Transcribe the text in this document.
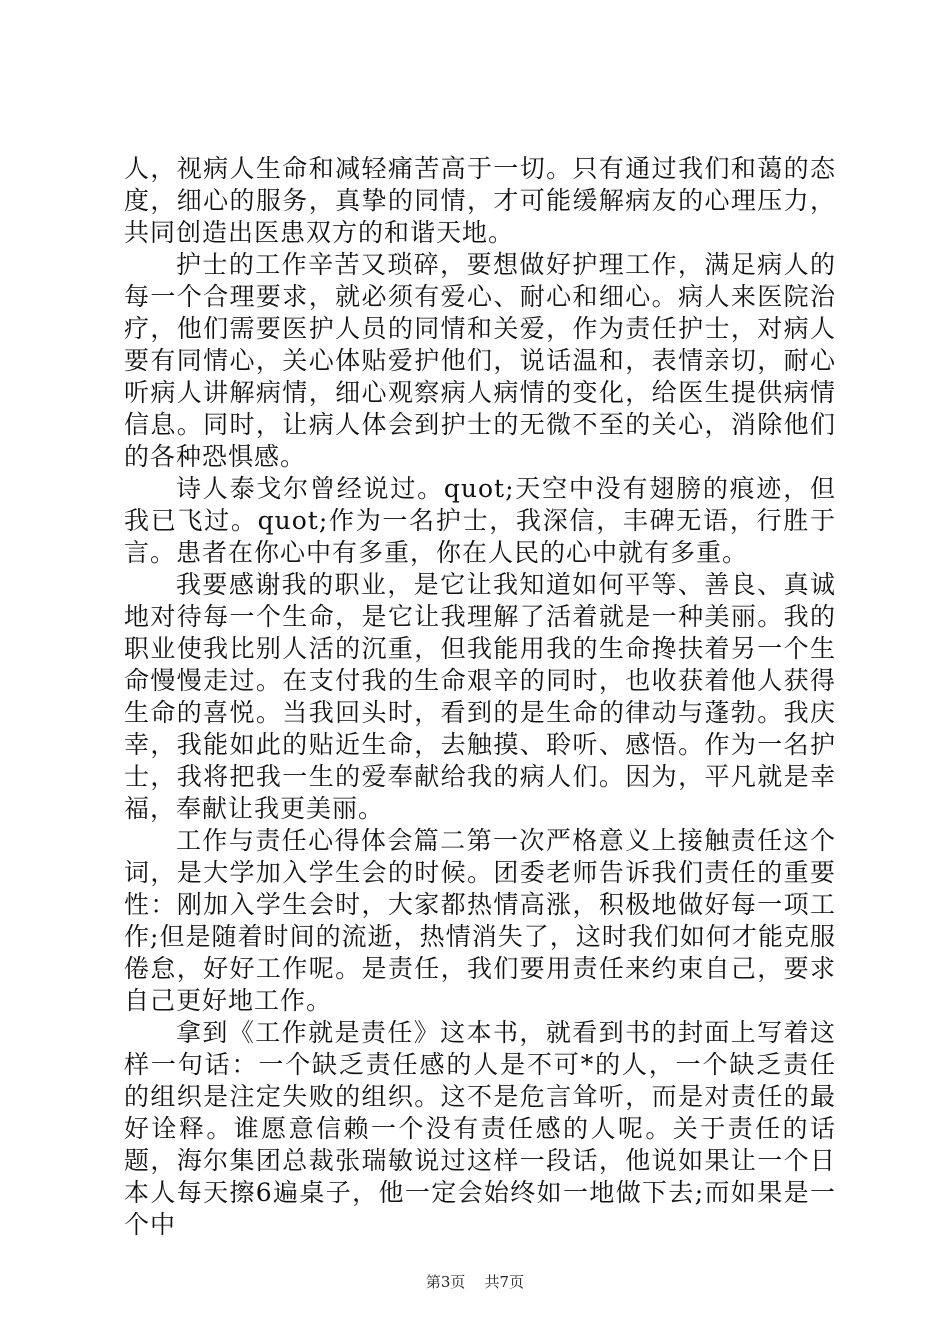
人，视病人生命和减轻痛苦高于一切。只有通过我们和蔼的态度，细心的服务，真挚的同情，才可能缓解病友的心理压力，共同创造出医患双方的和谐天地。

护士的工作辛苦又琐碎，要想做好护理工作，满足病人的每一个合理要求，就必须有爱心、耐心和细心。病人来医院治疗，他们需要医护人员的同情和关爱，作为责任护士，对病人要有同情心，关心体贴爱护他们，说话温和，表情亲切，耐心听病人讲解病情，细心观察病人病情的变化，给医生提供病情信息。同时，让病人体会到护士的无微不至的关心，消除他们的各种恐惧感。

诗人泰戈尔曾经说过。quot;天空中没有翅膀的痕迹，但我已飞过。quot;作为一名护士，我深信，丰碑无语，行胜于言。患者在你心中有多重，你在人民的心中就有多重。

我要感谢我的职业，是它让我知道如何平等、善良、真诚地对待每一个生命，是它让我理解了活着就是一种美丽。我的职业使我比别人活的沉重，但我能用我的生命搀扶着另一个生命慢慢走过。在支付我的生命艰辛的同时，也收获着他人获得生命的喜悦。当我回头时，看到的是生命的律动与蓬勃。我庆幸，我能如此的贴近生命，去触摸、聆听、感悟。作为一名护士，我将把我一生的爱奉献给我的病人们。因为，平凡就是幸福，奉献让我更美丽。

工作与责任心得体会篇二第一次严格意义上接触责任这个词，是大学加入学生会的时候。团委老师告诉我们责任的重要性：刚加入学生会时，大家都热情高涨，积极地做好每一项工作;但是随着时间的流逝，热情消失了，这时我们如何才能克服倦怠，好好工作呢。是责任，我们要用责任来约束自己，要求自己更好地工作。

拿到《工作就是责任》这本书，就看到书的封面上写着这样一句话：一个缺乏责任感的人是不可*的人，一个缺乏责任的组织是注定失败的组织。这不是危言耸听，而是对责任的最好诠释。谁愿意信赖一个没有责任感的人呢。关于责任的话题，海尔集团总裁张瑞敏说过这样一段话，他说如果让一个日本人每天擦6遍桌子，他一定会始终如一地做下去;而如果是一个中

第3页 共7页
